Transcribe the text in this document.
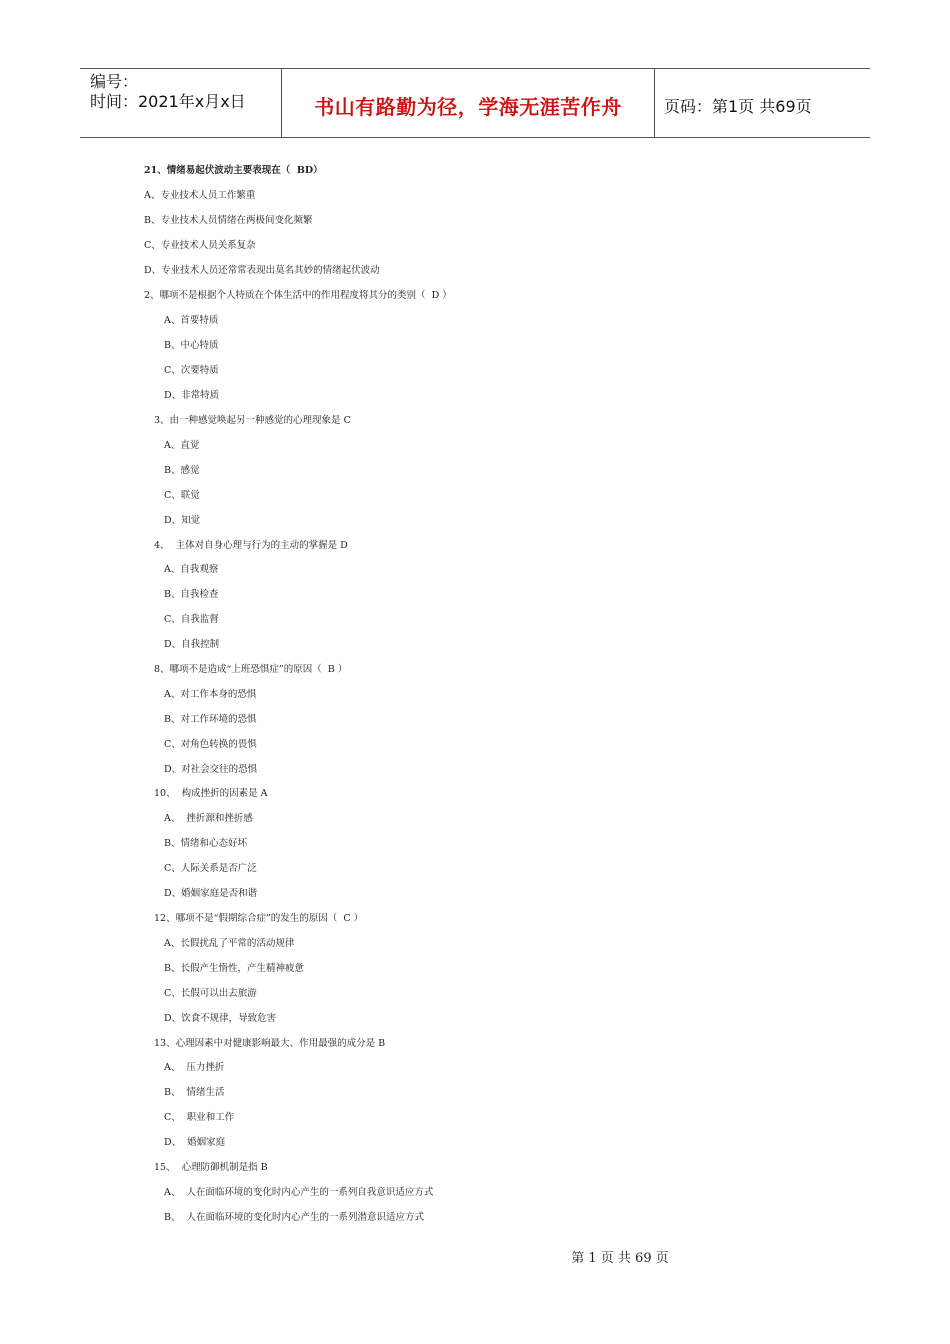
编号：
时间：2021年x月x日	书山有路勤为径，学海无涯苦作舟	页码：第1页 共69页
21、情绪易起伏波动主要表现在（  BD）
A、专业技术人员工作繁重
B、专业技术人员情绪在两极间变化频繁
C、专业技术人员关系复杂
D、专业技术人员还常常表现出莫名其妙的情绪起伏波动
2、哪项不是根据个人特质在个体生活中的作用程度将其分的类别（  D ）
A、首要特质
B、中心特质
C、次要特质
D、非常特质
3、由一种感觉唤起另一种感觉的心理现象是 C
A、直觉
B、感觉
C、联觉
D、知觉
4、  主体对自身心理与行为的主动的掌握是 D
A、自我观察
B、自我检查
C、自我监督
D、自我控制
8、哪项不是造成“上班恐惧症”的原因（  B ）
A、对工作本身的恐惧
B、对工作环境的恐惧
C、对角色转换的畏惧
D、对社会交往的恐惧
10、  构成挫折的因素是 A
A、  挫折源和挫折感
B、情绪和心态好坏
C、人际关系是否广泛
D、婚姻家庭是否和谐
12、哪项不是“假期综合症”的发生的原因（  C ）
A、长假扰乱了平常的活动规律
B、长假产生惰性，产生精神疲惫
C、长假可以出去旅游
D、饮食不规律，导致危害
13、心理因素中对健康影响最大、作用最强的成分是 B
A、  压力挫折
B、  情绪生活
C、  职业和工作
D、  婚姻家庭
15、  心理防御机制是指 B
A、  人在面临环境的变化时内心产生的一系列自我意识适应方式
B、  人在面临环境的变化时内心产生的一系列潜意识适应方式
第 1 页 共 69 页
